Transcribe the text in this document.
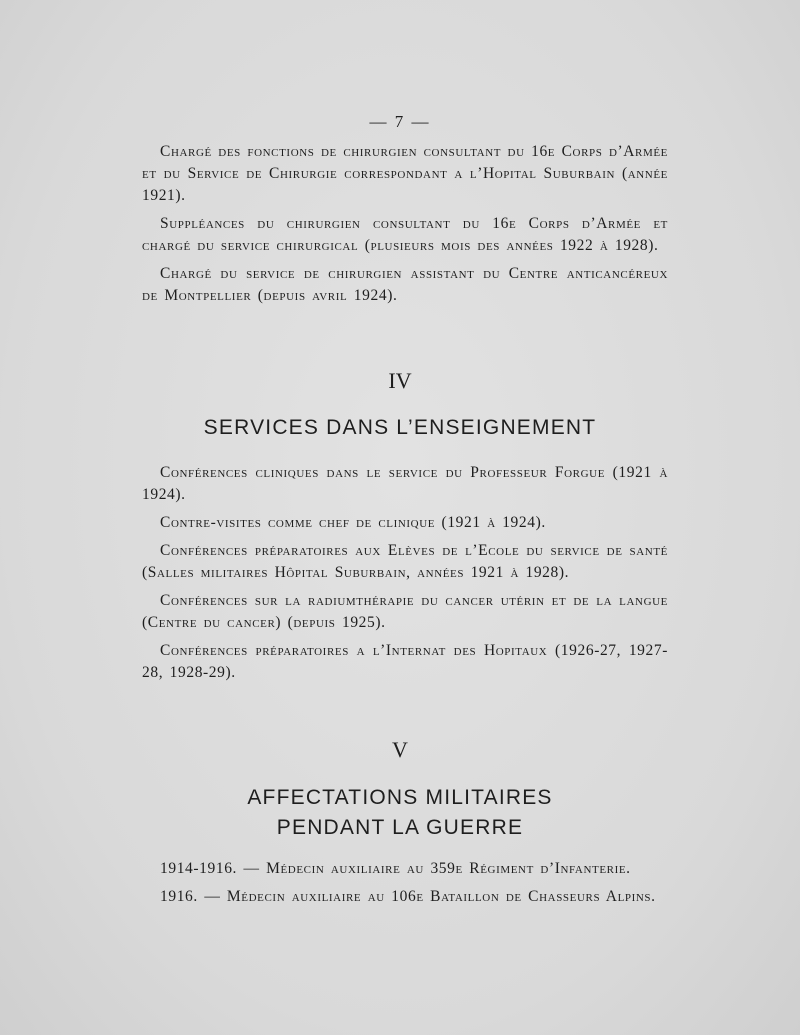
— 7 —

Chargé des fonctions de chirurgien consultant du 16e Corps d’Armée et du Service de Chirurgie correspondant a l’Hopital Suburbain (année 1921).

Suppléances du chirurgien consultant du 16e Corps d’Armée et chargé du service chirurgical (plusieurs mois des années 1922 à 1928).

Chargé du service de chirurgien assistant du Centre anticancéreux de Montpellier (depuis avril 1924).

IV
SERVICES DANS L’ENSEIGNEMENT

Conférences cliniques dans le service du Professeur Forgue (1921 à 1924).

Contre-visites comme chef de clinique (1921 à 1924).

Conférences préparatoires aux Elèves de l’Ecole du service de santé (Salles militaires Hôpital Suburbain, années 1921 à 1928).

Conférences sur la radiumthérapie du cancer utérin et de la langue (Centre du cancer) (depuis 1925).

Conférences préparatoires a l’Internat des Hopitaux (1926-27, 1927-28, 1928-29).

V
AFFECTATIONS MILITAIRES
PENDANT LA GUERRE

1914-1916. — Médecin auxiliaire au 359e Régiment d’Infanterie.

1916. — Médecin auxiliaire au 106e Bataillon de Chasseurs Alpins.
